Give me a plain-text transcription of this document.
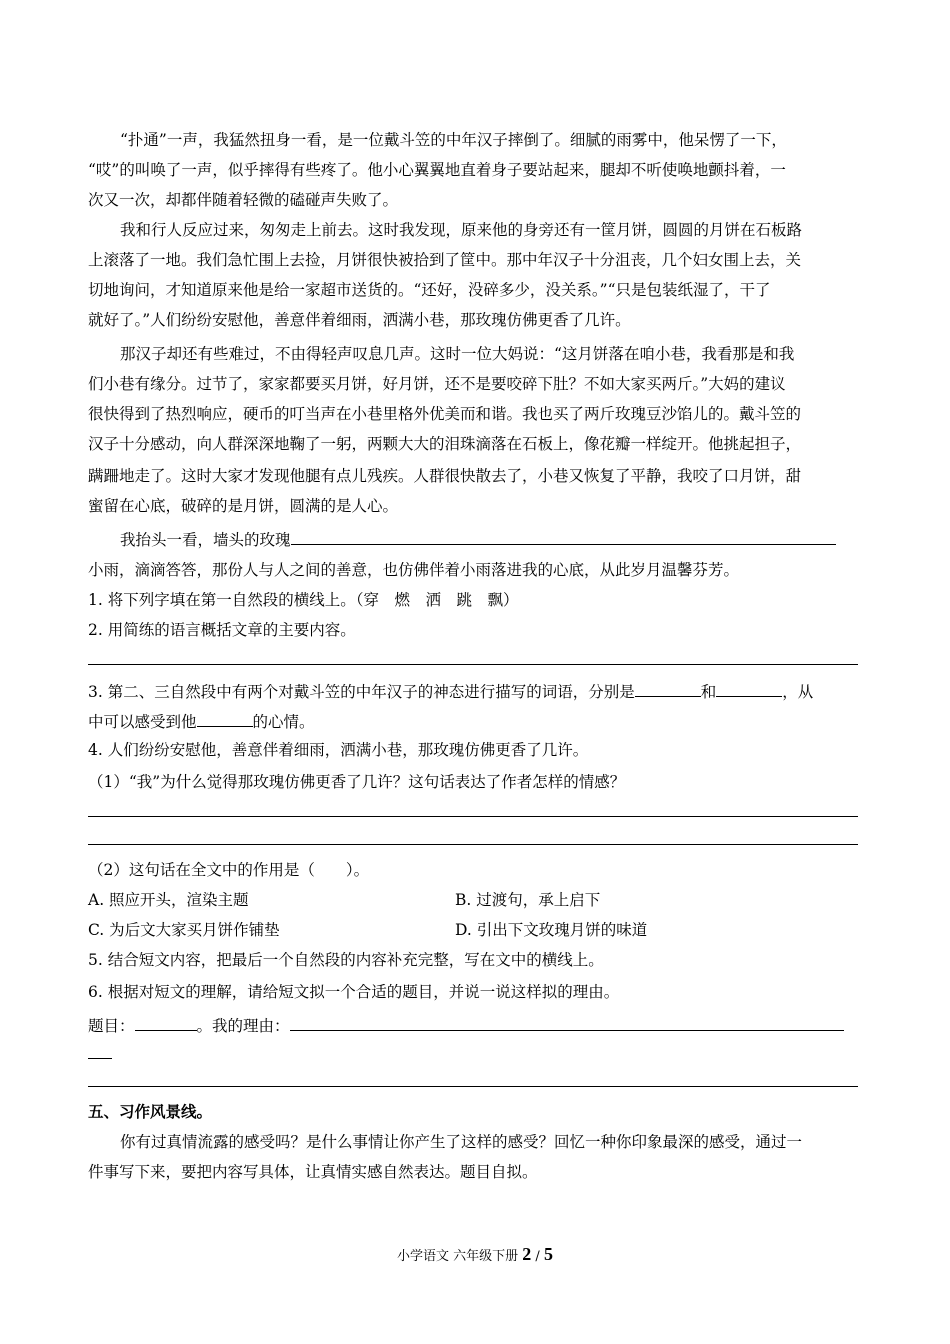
“扑通”一声，我猛然扭身一看，是一位戴斗笠的中年汉子摔倒了。细腻的雨雾中，他呆愣了一下，
“哎”的叫唤了一声，似乎摔得有些疼了。他小心翼翼地直着身子要站起来，腿却不听使唤地颤抖着，一
次又一次，却都伴随着轻微的磕碰声失败了。
我和行人反应过来，匆匆走上前去。这时我发现，原来他的身旁还有一筐月饼，圆圆的月饼在石板路
上滚落了一地。我们急忙围上去捡，月饼很快被拾到了筐中。那中年汉子十分沮丧，几个妇女围上去，关
切地询问，才知道原来他是给一家超市送货的。“还好，没碎多少，没关系。”“只是包装纸湿了，干了
就好了。”人们纷纷安慰他，善意伴着细雨，洒满小巷，那玫瑰仿佛更香了几许。
那汉子却还有些难过，不由得轻声叹息几声。这时一位大妈说：“这月饼落在咱小巷，我看那是和我
们小巷有缘分。过节了，家家都要买月饼，好月饼，还不是要咬碎下肚？不如大家买两斤。”大妈的建议
很快得到了热烈响应，硬币的叮当声在小巷里格外优美而和谐。我也买了两斤玫瑰豆沙馅儿的。戴斗笠的
汉子十分感动，向人群深深地鞠了一躬，两颗大大的泪珠滴落在石板上，像花瓣一样绽开。他挑起担子，
蹒跚地走了。这时大家才发现他腿有点儿残疾。人群很快散去了，小巷又恢复了平静，我咬了口月饼，甜
蜜留在心底，破碎的是月饼，圆满的是人心。
我抬头一看，墙头的玫瑰
小雨，滴滴答答，那份人与人之间的善意，也仿佛伴着小雨落进我的心底，从此岁月温馨芬芳。
1. 将下列字填在第一自然段的横线上。（穿　燃　洒　跳　飘）
2. 用简练的语言概括文章的主要内容。
3. 第二、三自然段中有两个对戴斗笠的中年汉子的神态进行描写的词语，分别是	和	，从
中可以感受到他	的心情。
4. 人们纷纷安慰他，善意伴着细雨，洒满小巷，那玫瑰仿佛更香了几许。
（1）“我”为什么觉得那玫瑰仿佛更香了几许？这句话表达了作者怎样的情感？
（2）这句话在全文中的作用是（　　）。
A. 照应开头，渲染主题	B. 过渡句，承上启下
C. 为后文大家买月饼作铺垫	D. 引出下文玫瑰月饼的味道
5. 结合短文内容，把最后一个自然段的内容补充完整，写在文中的横线上。
6. 根据对短文的理解，请给短文拟一个合适的题目，并说一说这样拟的理由。
题目：	。我的理由：
五、习作风景线。
你有过真情流露的感受吗？是什么事情让你产生了这样的感受？回忆一种你印象最深的感受，通过一
件事写下来，要把内容写具体，让真情实感自然表达。题目自拟。
小学语文 六年级下册 2 / 5
